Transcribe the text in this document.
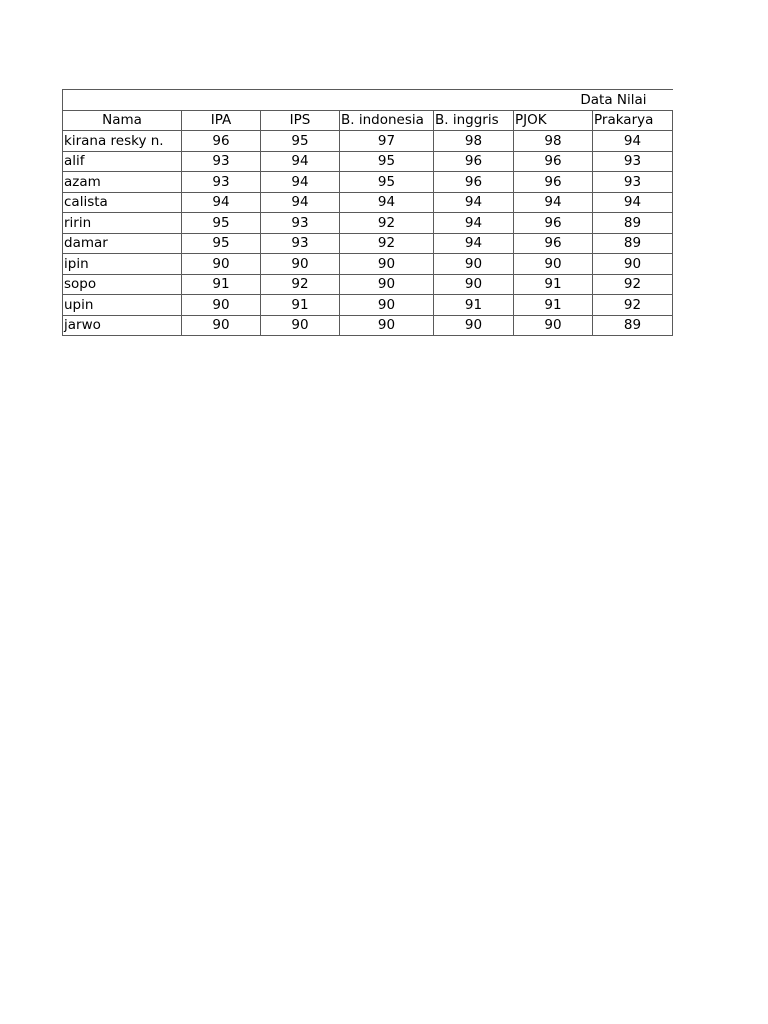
Data Nilai						
Nama	IPA	IPS	B. indonesia	B. inggris	PJOK	Prakarya
kirana resky n.	96	95	97	98	98	94
alif	93	94	95	96	96	93
azam	93	94	95	96	96	93
calista	94	94	94	94	94	94
ririn	95	93	92	94	96	89
damar	95	93	92	94	96	89
ipin	90	90	90	90	90	90
sopo	91	92	90	90	91	92
upin	90	91	90	91	91	92
jarwo	90	90	90	90	90	89
